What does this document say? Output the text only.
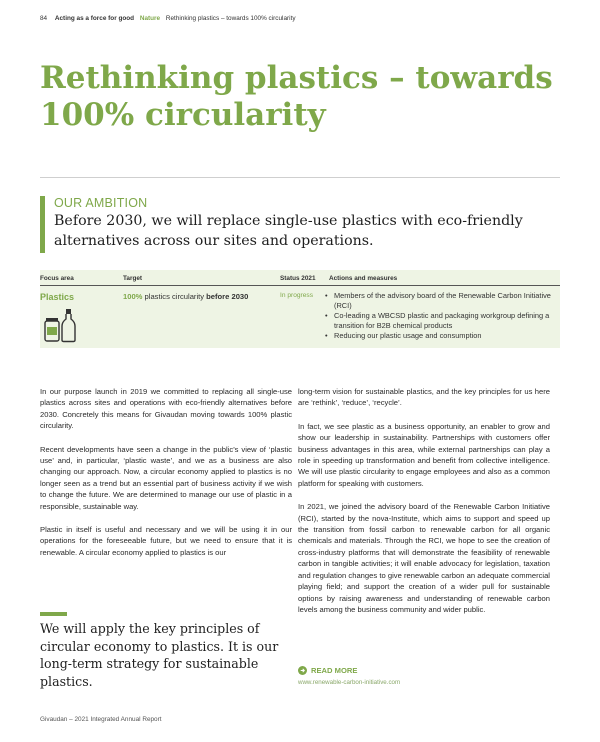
84 Acting as a force for good Nature Rethinking plastics – towards 100% circularity
Rethinking plastics – towards 100% circularity
OUR AMBITION
Before 2030, we will replace single-use plastics with eco-friendly alternatives across our sites and operations.
Focus area	Target	Status 2021 Actions and measures
Plastics	100% plastics circularity before 2030	In progress
•	Members of the advisory board of the Renewable Carbon Initiative (RCI)
• Co-leading a WBCSD plastic and packaging workgroup defining a transition for B2B chemical products
• Reducing our plastic usage and consumption

In our purpose launch in 2019 we committed to replacing all single-use plastics across sites and operations with eco-friendly alternatives before 2030. Concretely this means for Givaudan moving towards 100% plastic circularity.

Recent developments have seen a change in the public’s view of ‘plastic use’ and, in particular, ‘plastic waste’, and we as a business are also changing our approach. Now, a circular economy applied to plastics is no longer seen as a trend but an essential part of business activity if we wish to change the future. We are determined to manage our use of plastic in a responsible, sustainable way.

Plastic in itself is useful and necessary and we will be using it in our operations for the foreseeable future, but we need to ensure that it is renewable. A circular economy applied to plastics is our

long-term vision for sustainable plastics, and the key principles for us here are ‘rethink’, ‘reduce’, ‘recycle’.

In fact, we see plastic as a business opportunity, an enabler to grow and show our leadership in sustainability. Partnerships with customers offer business advantages in this area, while external partnerships can play a role in speeding up transformation and benefit from collective intelligence. We will use plastic circularity to engage employees and also as a common platform for speaking with customers.

In 2021, we joined the advisory board of the Renewable Carbon Initiative (RCI), started by the nova-Institute, which aims to support and speed up the transition from fossil carbon to renewable carbon for all organic chemicals and materials. Through the RCI, we hope to see the creation of cross-industry platforms that will demonstrate the feasibility of renewable carbon in tangible activities; it will enable advocacy for legislation, taxation and regulation changes to give renewable carbon an adequate commercial playing field; and support the creation of a wider pull for sustainable options by raising awareness and understanding of renewable carbon levels among the business community and wider public.

We will apply the key principles of circular economy to plastics. It is our long-term strategy for sustainable plastics.

READ MORE
www.renewable-carbon-initiative.com
Givaudan – 2021 Integrated Annual Report
